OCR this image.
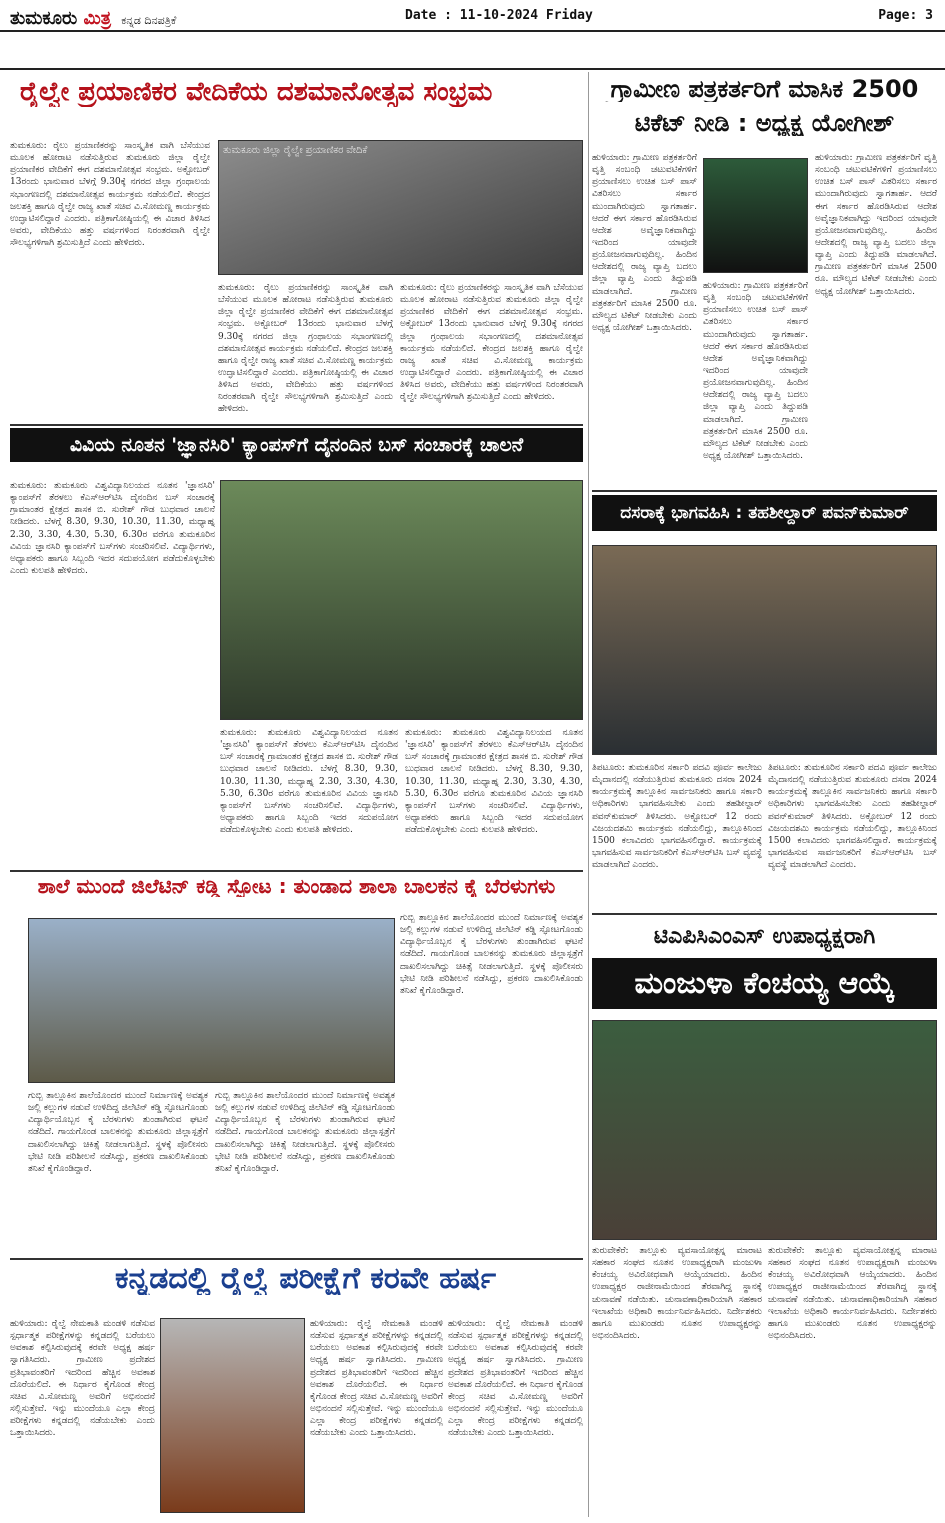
ತುಮಕೂರು ಮಿತ್ರ ಕನ್ನಡ ದಿನಪತ್ರಿಕೆ	Date : 11-10-2024 Friday	Page: 3
ರೈಲ್ವೇ ಪ್ರಯಾಣಿಕರ ವೇದಿಕೆಯ ದಶಮಾನೋತ್ಸವ ಸಂಭ್ರಮ
ತುಮಕೂರು: ರೈಲು ಪ್ರಯಾಣಿಕರನ್ನು ಸಾಂಸ್ಕೃತಿಕ ವಾಗಿ ಬೆಸೆಯುವ ಮೂಲಕ ಹೋರಾಟ ನಡೆಸುತ್ತಿರುವ ತುಮಕೂರು ಜಿಲ್ಲಾ ರೈಲ್ವೇ ಪ್ರಯಾಣಿಕರ ವೇದಿಕೆಗೆ ಈಗ ದಶಮಾನೋತ್ಸವ ಸಂಭ್ರಮ. ಅಕ್ಟೋಬರ್ 13ರಂದು ಭಾನುವಾರ ಬೆಳಗ್ಗೆ 9.30ಕ್ಕೆ ನಗರದ ಜಿಲ್ಲಾ ಗ್ರಂಥಾಲಯ ಸಭಾಂಗಣದಲ್ಲಿ ದಶಮಾನೋತ್ಸವ ಕಾರ್ಯಕ್ರಮ ನಡೆಯಲಿದೆ. ಕೇಂದ್ರದ ಜಲಶಕ್ತಿ ಹಾಗೂ ರೈಲ್ವೇ ರಾಜ್ಯ ಖಾತೆ ಸಚಿವ ವಿ.ಸೋಮಣ್ಣ ಕಾರ್ಯಕ್ರಮ ಉದ್ಘಾಟಿಸಲಿದ್ದಾರೆ ಎಂದರು. ಪತ್ರಿಕಾಗೋಷ್ಠಿಯಲ್ಲಿ ಈ ವಿಚಾರ ತಿಳಿಸಿದ ಅವರು, ವೇದಿಕೆಯು ಹತ್ತು ವರ್ಷಗಳಿಂದ ನಿರಂತರವಾಗಿ ರೈಲ್ವೇ ಸೌಲಭ್ಯಗಳಿಗಾಗಿ ಶ್ರಮಿಸುತ್ತಿದೆ ಎಂದು ಹೇಳಿದರು.
ತುಮಕೂರು ಜಿಲ್ಲಾ ರೈಲ್ವೇ ಪ್ರಯಾಣಿಕರ ವೇದಿಕೆ
ತುಮಕೂರು: ರೈಲು ಪ್ರಯಾಣಿಕರನ್ನು ಸಾಂಸ್ಕೃತಿಕ ವಾಗಿ ಬೆಸೆಯುವ ಮೂಲಕ ಹೋರಾಟ ನಡೆಸುತ್ತಿರುವ ತುಮಕೂರು ಜಿಲ್ಲಾ ರೈಲ್ವೇ ಪ್ರಯಾಣಿಕರ ವೇದಿಕೆಗೆ ಈಗ ದಶಮಾನೋತ್ಸವ ಸಂಭ್ರಮ. ಅಕ್ಟೋಬರ್ 13ರಂದು ಭಾನುವಾರ ಬೆಳಗ್ಗೆ 9.30ಕ್ಕೆ ನಗರದ ಜಿಲ್ಲಾ ಗ್ರಂಥಾಲಯ ಸಭಾಂಗಣದಲ್ಲಿ ದಶಮಾನೋತ್ಸವ ಕಾರ್ಯಕ್ರಮ ನಡೆಯಲಿದೆ. ಕೇಂದ್ರದ ಜಲಶಕ್ತಿ ಹಾಗೂ ರೈಲ್ವೇ ರಾಜ್ಯ ಖಾತೆ ಸಚಿವ ವಿ.ಸೋಮಣ್ಣ ಕಾರ್ಯಕ್ರಮ ಉದ್ಘಾಟಿಸಲಿದ್ದಾರೆ ಎಂದರು. ಪತ್ರಿಕಾಗೋಷ್ಠಿಯಲ್ಲಿ ಈ ವಿಚಾರ ತಿಳಿಸಿದ ಅವರು, ವೇದಿಕೆಯು ಹತ್ತು ವರ್ಷಗಳಿಂದ ನಿರಂತರವಾಗಿ ರೈಲ್ವೇ ಸೌಲಭ್ಯಗಳಿಗಾಗಿ ಶ್ರಮಿಸುತ್ತಿದೆ ಎಂದು ಹೇಳಿದರು.
ತುಮಕೂರು: ರೈಲು ಪ್ರಯಾಣಿಕರನ್ನು ಸಾಂಸ್ಕೃತಿಕ ವಾಗಿ ಬೆಸೆಯುವ ಮೂಲಕ ಹೋರಾಟ ನಡೆಸುತ್ತಿರುವ ತುಮಕೂರು ಜಿಲ್ಲಾ ರೈಲ್ವೇ ಪ್ರಯಾಣಿಕರ ವೇದಿಕೆಗೆ ಈಗ ದಶಮಾನೋತ್ಸವ ಸಂಭ್ರಮ. ಅಕ್ಟೋಬರ್ 13ರಂದು ಭಾನುವಾರ ಬೆಳಗ್ಗೆ 9.30ಕ್ಕೆ ನಗರದ ಜಿಲ್ಲಾ ಗ್ರಂಥಾಲಯ ಸಭಾಂಗಣದಲ್ಲಿ ದಶಮಾನೋತ್ಸವ ಕಾರ್ಯಕ್ರಮ ನಡೆಯಲಿದೆ. ಕೇಂದ್ರದ ಜಲಶಕ್ತಿ ಹಾಗೂ ರೈಲ್ವೇ ರಾಜ್ಯ ಖಾತೆ ಸಚಿವ ವಿ.ಸೋಮಣ್ಣ ಕಾರ್ಯಕ್ರಮ ಉದ್ಘಾಟಿಸಲಿದ್ದಾರೆ ಎಂದರು. ಪತ್ರಿಕಾಗೋಷ್ಠಿಯಲ್ಲಿ ಈ ವಿಚಾರ ತಿಳಿಸಿದ ಅವರು, ವೇದಿಕೆಯು ಹತ್ತು ವರ್ಷಗಳಿಂದ ನಿರಂತರವಾಗಿ ರೈಲ್ವೇ ಸೌಲಭ್ಯಗಳಿಗಾಗಿ ಶ್ರಮಿಸುತ್ತಿದೆ ಎಂದು ಹೇಳಿದರು.
ಗ್ರಾಮೀಣ ಪತ್ರಕರ್ತರಿಗೆ ಮಾಸಿಕ 2500
ಟಿಕೆಟ್ ನೀಡಿ : ಅಧ್ಯಕ್ಷ ಯೋಗೀಶ್
ಹುಳಿಯಾರು: ಗ್ರಾಮೀಣ ಪತ್ರಕರ್ತರಿಗೆ ವೃತ್ತಿ ಸಂಬಂಧಿ ಚಟುವಟಿಕೆಗಳಿಗೆ ಪ್ರಯಾಣಿಸಲು ಉಚಿತ ಬಸ್ ಪಾಸ್ ವಿತರಿಸಲು ಸರ್ಕಾರ ಮುಂದಾಗಿರುವುದು ಸ್ವಾಗತಾರ್ಹ. ಆದರೆ ಈಗ ಸರ್ಕಾರ ಹೊರಡಿಸಿರುವ ಆದೇಶ ಅವೈಜ್ಞಾನಿಕವಾಗಿದ್ದು ಇದರಿಂದ ಯಾವುದೇ ಪ್ರಯೋಜನವಾಗುವುದಿಲ್ಲ. ಹಿಂದಿನ ಆದೇಶದಲ್ಲಿ ರಾಜ್ಯ ವ್ಯಾಪ್ತಿ ಬದಲು ಜಿಲ್ಲಾ ವ್ಯಾಪ್ತಿ ಎಂದು ತಿದ್ದುಪಡಿ ಮಾಡಲಾಗಿದೆ. ಗ್ರಾಮೀಣ ಪತ್ರಕರ್ತರಿಗೆ ಮಾಸಿಕ 2500 ರೂ. ಮೌಲ್ಯದ ಟಿಕೆಟ್ ನೀಡಬೇಕು ಎಂದು ಅಧ್ಯಕ್ಷ ಯೋಗೀಶ್ ಒತ್ತಾಯಿಸಿದರು.
ಹುಳಿಯಾರು: ಗ್ರಾಮೀಣ ಪತ್ರಕರ್ತರಿಗೆ ವೃತ್ತಿ ಸಂಬಂಧಿ ಚಟುವಟಿಕೆಗಳಿಗೆ ಪ್ರಯಾಣಿಸಲು ಉಚಿತ ಬಸ್ ಪಾಸ್ ವಿತರಿಸಲು ಸರ್ಕಾರ ಮುಂದಾಗಿರುವುದು ಸ್ವಾಗತಾರ್ಹ. ಆದರೆ ಈಗ ಸರ್ಕಾರ ಹೊರಡಿಸಿರುವ ಆದೇಶ ಅವೈಜ್ಞಾನಿಕವಾಗಿದ್ದು ಇದರಿಂದ ಯಾವುದೇ ಪ್ರಯೋಜನವಾಗುವುದಿಲ್ಲ. ಹಿಂದಿನ ಆದೇಶದಲ್ಲಿ ರಾಜ್ಯ ವ್ಯಾಪ್ತಿ ಬದಲು ಜಿಲ್ಲಾ ವ್ಯಾಪ್ತಿ ಎಂದು ತಿದ್ದುಪಡಿ ಮಾಡಲಾಗಿದೆ. ಗ್ರಾಮೀಣ ಪತ್ರಕರ್ತರಿಗೆ ಮಾಸಿಕ 2500 ರೂ. ಮೌಲ್ಯದ ಟಿಕೆಟ್ ನೀಡಬೇಕು ಎಂದು ಅಧ್ಯಕ್ಷ ಯೋಗೀಶ್ ಒತ್ತಾಯಿಸಿದರು.
ಹುಳಿಯಾರು: ಗ್ರಾಮೀಣ ಪತ್ರಕರ್ತರಿಗೆ ವೃತ್ತಿ ಸಂಬಂಧಿ ಚಟುವಟಿಕೆಗಳಿಗೆ ಪ್ರಯಾಣಿಸಲು ಉಚಿತ ಬಸ್ ಪಾಸ್ ವಿತರಿಸಲು ಸರ್ಕಾರ ಮುಂದಾಗಿರುವುದು ಸ್ವಾಗತಾರ್ಹ. ಆದರೆ ಈಗ ಸರ್ಕಾರ ಹೊರಡಿಸಿರುವ ಆದೇಶ ಅವೈಜ್ಞಾನಿಕವಾಗಿದ್ದು ಇದರಿಂದ ಯಾವುದೇ ಪ್ರಯೋಜನವಾಗುವುದಿಲ್ಲ. ಹಿಂದಿನ ಆದೇಶದಲ್ಲಿ ರಾಜ್ಯ ವ್ಯಾಪ್ತಿ ಬದಲು ಜಿಲ್ಲಾ ವ್ಯಾಪ್ತಿ ಎಂದು ತಿದ್ದುಪಡಿ ಮಾಡಲಾಗಿದೆ. ಗ್ರಾಮೀಣ ಪತ್ರಕರ್ತರಿಗೆ ಮಾಸಿಕ 2500 ರೂ. ಮೌಲ್ಯದ ಟಿಕೆಟ್ ನೀಡಬೇಕು ಎಂದು ಅಧ್ಯಕ್ಷ ಯೋಗೀಶ್ ಒತ್ತಾಯಿಸಿದರು.
ದಸರಾಕ್ಕೆ ಭಾಗವಹಿಸಿ : ತಹಶೀಲ್ದಾರ್ ಪವನ್‌ಕುಮಾರ್
ತಿಪಟೂರು: ತುಮಕೂರಿನ ಸರ್ಕಾರಿ ಪದವಿ ಪೂರ್ವ ಕಾಲೇಜು ಮೈದಾನದಲ್ಲಿ ನಡೆಯುತ್ತಿರುವ ತುಮಕೂರು ದಸರಾ 2024 ಕಾರ್ಯಕ್ರಮಕ್ಕೆ ತಾಲ್ಲೂಕಿನ ಸಾರ್ವಜನಿಕರು ಹಾಗೂ ಸರ್ಕಾರಿ ಅಧಿಕಾರಿಗಳು ಭಾಗವಹಿಸಬೇಕು ಎಂದು ತಹಶೀಲ್ದಾರ್ ಪವನ್‌ಕುಮಾರ್ ತಿಳಿಸಿದರು. ಅಕ್ಟೋಬರ್ 12 ರಂದು ವಿಜಯದಶಮಿ ಕಾರ್ಯಕ್ರಮ ನಡೆಯಲಿದ್ದು, ತಾಲ್ಲೂಕಿನಿಂದ 1500 ಕಲಾವಿದರು ಭಾಗವಹಿಸಲಿದ್ದಾರೆ. ಕಾರ್ಯಕ್ರಮಕ್ಕೆ ಭಾಗವಹಿಸುವ ಸಾರ್ವಜನಿಕರಿಗೆ ಕೆಎಸ್‌ಆರ್‌ಟಿಸಿ ಬಸ್ ವ್ಯವಸ್ಥೆ ಮಾಡಲಾಗಿದೆ ಎಂದರು.
ತಿಪಟೂರು: ತುಮಕೂರಿನ ಸರ್ಕಾರಿ ಪದವಿ ಪೂರ್ವ ಕಾಲೇಜು ಮೈದಾನದಲ್ಲಿ ನಡೆಯುತ್ತಿರುವ ತುಮಕೂರು ದಸರಾ 2024 ಕಾರ್ಯಕ್ರಮಕ್ಕೆ ತಾಲ್ಲೂಕಿನ ಸಾರ್ವಜನಿಕರು ಹಾಗೂ ಸರ್ಕಾರಿ ಅಧಿಕಾರಿಗಳು ಭಾಗವಹಿಸಬೇಕು ಎಂದು ತಹಶೀಲ್ದಾರ್ ಪವನ್‌ಕುಮಾರ್ ತಿಳಿಸಿದರು. ಅಕ್ಟೋಬರ್ 12 ರಂದು ವಿಜಯದಶಮಿ ಕಾರ್ಯಕ್ರಮ ನಡೆಯಲಿದ್ದು, ತಾಲ್ಲೂಕಿನಿಂದ 1500 ಕಲಾವಿದರು ಭಾಗವಹಿಸಲಿದ್ದಾರೆ. ಕಾರ್ಯಕ್ರಮಕ್ಕೆ ಭಾಗವಹಿಸುವ ಸಾರ್ವಜನಿಕರಿಗೆ ಕೆಎಸ್‌ಆರ್‌ಟಿಸಿ ಬಸ್ ವ್ಯವಸ್ಥೆ ಮಾಡಲಾಗಿದೆ ಎಂದರು.
ವಿವಿಯ ನೂತನ 'ಜ್ಞಾನಸಿರಿ' ಕ್ಯಾಂಪಸ್‌ಗೆ ದೈನಂದಿನ ಬಸ್ ಸಂಚಾರಕ್ಕೆ ಚಾಲನೆ
ತುಮಕೂರು: ತುಮಕೂರು ವಿಶ್ವವಿದ್ಯಾನಿಲಯದ ನೂತನ 'ಜ್ಞಾನಸಿರಿ' ಕ್ಯಾಂಪಸ್‌ಗೆ ತೆರಳಲು ಕೆಎಸ್‌ಆರ್‌ಟಿಸಿ ದೈನಂದಿನ ಬಸ್ ಸಂಚಾರಕ್ಕೆ ಗ್ರಾಮಾಂತರ ಕ್ಷೇತ್ರದ ಶಾಸಕ ಬಿ. ಸುರೇಶ್ ಗೌಡ ಬುಧವಾರ ಚಾಲನೆ ನೀಡಿದರು. ಬೆಳಗ್ಗೆ 8.30, 9.30, 10.30, 11.30, ಮಧ್ಯಾಹ್ನ 2.30, 3.30, 4.30, 5.30, 6.30ರ ವರೆಗೂ ತುಮಕೂರಿನ ವಿವಿಯ ಜ್ಞಾನಸಿರಿ ಕ್ಯಾಂಪಸ್‌ಗೆ ಬಸ್‌ಗಳು ಸಂಚರಿಸಲಿವೆ. ವಿದ್ಯಾರ್ಥಿಗಳು, ಅಧ್ಯಾಪಕರು ಹಾಗೂ ಸಿಬ್ಬಂದಿ ಇದರ ಸದುಪಯೋಗ ಪಡೆದುಕೊಳ್ಳಬೇಕು ಎಂದು ಕುಲಪತಿ ಹೇಳಿದರು.
ತುಮಕೂರು: ತುಮಕೂರು ವಿಶ್ವವಿದ್ಯಾನಿಲಯದ ನೂತನ 'ಜ್ಞಾನಸಿರಿ' ಕ್ಯಾಂಪಸ್‌ಗೆ ತೆರಳಲು ಕೆಎಸ್‌ಆರ್‌ಟಿಸಿ ದೈನಂದಿನ ಬಸ್ ಸಂಚಾರಕ್ಕೆ ಗ್ರಾಮಾಂತರ ಕ್ಷೇತ್ರದ ಶಾಸಕ ಬಿ. ಸುರೇಶ್ ಗೌಡ ಬುಧವಾರ ಚಾಲನೆ ನೀಡಿದರು. ಬೆಳಗ್ಗೆ 8.30, 9.30, 10.30, 11.30, ಮಧ್ಯಾಹ್ನ 2.30, 3.30, 4.30, 5.30, 6.30ರ ವರೆಗೂ ತುಮಕೂರಿನ ವಿವಿಯ ಜ್ಞಾನಸಿರಿ ಕ್ಯಾಂಪಸ್‌ಗೆ ಬಸ್‌ಗಳು ಸಂಚರಿಸಲಿವೆ. ವಿದ್ಯಾರ್ಥಿಗಳು, ಅಧ್ಯಾಪಕರು ಹಾಗೂ ಸಿಬ್ಬಂದಿ ಇದರ ಸದುಪಯೋಗ ಪಡೆದುಕೊಳ್ಳಬೇಕು ಎಂದು ಕುಲಪತಿ ಹೇಳಿದರು.
ತುಮಕೂರು: ತುಮಕೂರು ವಿಶ್ವವಿದ್ಯಾನಿಲಯದ ನೂತನ 'ಜ್ಞಾನಸಿರಿ' ಕ್ಯಾಂಪಸ್‌ಗೆ ತೆರಳಲು ಕೆಎಸ್‌ಆರ್‌ಟಿಸಿ ದೈನಂದಿನ ಬಸ್ ಸಂಚಾರಕ್ಕೆ ಗ್ರಾಮಾಂತರ ಕ್ಷೇತ್ರದ ಶಾಸಕ ಬಿ. ಸುರೇಶ್ ಗೌಡ ಬುಧವಾರ ಚಾಲನೆ ನೀಡಿದರು. ಬೆಳಗ್ಗೆ 8.30, 9.30, 10.30, 11.30, ಮಧ್ಯಾಹ್ನ 2.30, 3.30, 4.30, 5.30, 6.30ರ ವರೆಗೂ ತುಮಕೂರಿನ ವಿವಿಯ ಜ್ಞಾನಸಿರಿ ಕ್ಯಾಂಪಸ್‌ಗೆ ಬಸ್‌ಗಳು ಸಂಚರಿಸಲಿವೆ. ವಿದ್ಯಾರ್ಥಿಗಳು, ಅಧ್ಯಾಪಕರು ಹಾಗೂ ಸಿಬ್ಬಂದಿ ಇದರ ಸದುಪಯೋಗ ಪಡೆದುಕೊಳ್ಳಬೇಕು ಎಂದು ಕುಲಪತಿ ಹೇಳಿದರು.
ಶಾಲೆ ಮುಂದೆ ಜಿಲೆಟಿನ್ ಕಡ್ಡಿ ಸ್ಫೋಟ : ತುಂಡಾದ ಶಾಲಾ ಬಾಲಕನ ಕೈ ಬೆರಳುಗಳು
ಗುಬ್ಬಿ ತಾಲ್ಲೂಕಿನ ಶಾಲೆಯೊಂದರ ಮುಂದೆ ನಿರ್ಮಾಣಕ್ಕೆ ಅವಶ್ಯಕ ಜಲ್ಲಿ ಕಲ್ಲುಗಳ ನಡುವೆ ಉಳಿದಿದ್ದ ಜಿಲೆಟಿನ್ ಕಡ್ಡಿ ಸ್ಫೋಟಗೊಂಡು ವಿದ್ಯಾರ್ಥಿಯೊಬ್ಬನ ಕೈ ಬೆರಳುಗಳು ತುಂಡಾಗಿರುವ ಘಟನೆ ನಡೆದಿದೆ. ಗಾಯಗೊಂಡ ಬಾಲಕನನ್ನು ತುಮಕೂರು ಜಿಲ್ಲಾಸ್ಪತ್ರೆಗೆ ದಾಖಲಿಸಲಾಗಿದ್ದು ಚಿಕಿತ್ಸೆ ನೀಡಲಾಗುತ್ತಿದೆ. ಸ್ಥಳಕ್ಕೆ ಪೊಲೀಸರು ಭೇಟಿ ನೀಡಿ ಪರಿಶೀಲನೆ ನಡೆಸಿದ್ದು, ಪ್ರಕರಣ ದಾಖಲಿಸಿಕೊಂಡು ತನಿಖೆ ಕೈಗೊಂಡಿದ್ದಾರೆ.
ಗುಬ್ಬಿ ತಾಲ್ಲೂಕಿನ ಶಾಲೆಯೊಂದರ ಮುಂದೆ ನಿರ್ಮಾಣಕ್ಕೆ ಅವಶ್ಯಕ ಜಲ್ಲಿ ಕಲ್ಲುಗಳ ನಡುವೆ ಉಳಿದಿದ್ದ ಜಿಲೆಟಿನ್ ಕಡ್ಡಿ ಸ್ಫೋಟಗೊಂಡು ವಿದ್ಯಾರ್ಥಿಯೊಬ್ಬನ ಕೈ ಬೆರಳುಗಳು ತುಂಡಾಗಿರುವ ಘಟನೆ ನಡೆದಿದೆ. ಗಾಯಗೊಂಡ ಬಾಲಕನನ್ನು ತುಮಕೂರು ಜಿಲ್ಲಾಸ್ಪತ್ರೆಗೆ ದಾಖಲಿಸಲಾಗಿದ್ದು ಚಿಕಿತ್ಸೆ ನೀಡಲಾಗುತ್ತಿದೆ. ಸ್ಥಳಕ್ಕೆ ಪೊಲೀಸರು ಭೇಟಿ ನೀಡಿ ಪರಿಶೀಲನೆ ನಡೆಸಿದ್ದು, ಪ್ರಕರಣ ದಾಖಲಿಸಿಕೊಂಡು ತನಿಖೆ ಕೈಗೊಂಡಿದ್ದಾರೆ.
ಗುಬ್ಬಿ ತಾಲ್ಲೂಕಿನ ಶಾಲೆಯೊಂದರ ಮುಂದೆ ನಿರ್ಮಾಣಕ್ಕೆ ಅವಶ್ಯಕ ಜಲ್ಲಿ ಕಲ್ಲುಗಳ ನಡುವೆ ಉಳಿದಿದ್ದ ಜಿಲೆಟಿನ್ ಕಡ್ಡಿ ಸ್ಫೋಟಗೊಂಡು ವಿದ್ಯಾರ್ಥಿಯೊಬ್ಬನ ಕೈ ಬೆರಳುಗಳು ತುಂಡಾಗಿರುವ ಘಟನೆ ನಡೆದಿದೆ. ಗಾಯಗೊಂಡ ಬಾಲಕನನ್ನು ತುಮಕೂರು ಜಿಲ್ಲಾಸ್ಪತ್ರೆಗೆ ದಾಖಲಿಸಲಾಗಿದ್ದು ಚಿಕಿತ್ಸೆ ನೀಡಲಾಗುತ್ತಿದೆ. ಸ್ಥಳಕ್ಕೆ ಪೊಲೀಸರು ಭೇಟಿ ನೀಡಿ ಪರಿಶೀಲನೆ ನಡೆಸಿದ್ದು, ಪ್ರಕರಣ ದಾಖಲಿಸಿಕೊಂಡು ತನಿಖೆ ಕೈಗೊಂಡಿದ್ದಾರೆ.
ಟಿಎಪಿಸಿಎಂಎಸ್ ಉಪಾಧ್ಯಕ್ಷರಾಗಿ
ಮಂಜುಳಾ ಕೆಂಚಯ್ಯ ಆಯ್ಕೆ
ತುರುವೇಕೆರೆ: ತಾಲ್ಲೂಕು ವ್ಯವಸಾಯೋತ್ಪನ್ನ ಮಾರಾಟ ಸಹಕಾರ ಸಂಘದ ನೂತನ ಉಪಾಧ್ಯಕ್ಷರಾಗಿ ಮಂಜುಳಾ ಕೆಂಚಯ್ಯ ಅವಿರೋಧವಾಗಿ ಆಯ್ಕೆಯಾದರು. ಹಿಂದಿನ ಉಪಾಧ್ಯಕ್ಷರ ರಾಜೀನಾಮೆಯಿಂದ ತೆರವಾಗಿದ್ದ ಸ್ಥಾನಕ್ಕೆ ಚುನಾವಣೆ ನಡೆಯಿತು. ಚುನಾವಣಾಧಿಕಾರಿಯಾಗಿ ಸಹಕಾರ ಇಲಾಖೆಯ ಅಧಿಕಾರಿ ಕಾರ್ಯನಿರ್ವಹಿಸಿದರು. ನಿರ್ದೇಶಕರು ಹಾಗೂ ಮುಖಂಡರು ನೂತನ ಉಪಾಧ್ಯಕ್ಷರನ್ನು ಅಭಿನಂದಿಸಿದರು.
ತುರುವೇಕೆರೆ: ತಾಲ್ಲೂಕು ವ್ಯವಸಾಯೋತ್ಪನ್ನ ಮಾರಾಟ ಸಹಕಾರ ಸಂಘದ ನೂತನ ಉಪಾಧ್ಯಕ್ಷರಾಗಿ ಮಂಜುಳಾ ಕೆಂಚಯ್ಯ ಅವಿರೋಧವಾಗಿ ಆಯ್ಕೆಯಾದರು. ಹಿಂದಿನ ಉಪಾಧ್ಯಕ್ಷರ ರಾಜೀನಾಮೆಯಿಂದ ತೆರವಾಗಿದ್ದ ಸ್ಥಾನಕ್ಕೆ ಚುನಾವಣೆ ನಡೆಯಿತು. ಚುನಾವಣಾಧಿಕಾರಿಯಾಗಿ ಸಹಕಾರ ಇಲಾಖೆಯ ಅಧಿಕಾರಿ ಕಾರ್ಯನಿರ್ವಹಿಸಿದರು. ನಿರ್ದೇಶಕರು ಹಾಗೂ ಮುಖಂಡರು ನೂತನ ಉಪಾಧ್ಯಕ್ಷರನ್ನು ಅಭಿನಂದಿಸಿದರು.
ಕನ್ನಡದಲ್ಲಿ ರೈಲ್ವೆ ಪರೀಕ್ಷೆಗೆ ಕರವೇ ಹರ್ಷ
ಹುಳಿಯಾರು: ರೈಲ್ವೆ ನೇಮಕಾತಿ ಮಂಡಳಿ ನಡೆಸುವ ಸ್ಪರ್ಧಾತ್ಮಕ ಪರೀಕ್ಷೆಗಳನ್ನು ಕನ್ನಡದಲ್ಲಿ ಬರೆಯಲು ಅವಕಾಶ ಕಲ್ಪಿಸಿರುವುದಕ್ಕೆ ಕರವೇ ಅಧ್ಯಕ್ಷ ಹರ್ಷ ಸ್ವಾಗತಿಸಿದರು. ಗ್ರಾಮೀಣ ಪ್ರದೇಶದ ಪ್ರತಿಭಾವಂತರಿಗೆ ಇದರಿಂದ ಹೆಚ್ಚಿನ ಅವಕಾಶ ದೊರೆಯಲಿದೆ. ಈ ನಿರ್ಧಾರ ಕೈಗೊಂಡ ಕೇಂದ್ರ ಸಚಿವ ವಿ.ಸೋಮಣ್ಣ ಅವರಿಗೆ ಅಭಿನಂದನೆ ಸಲ್ಲಿಸುತ್ತೇವೆ. ಇನ್ನು ಮುಂದೆಯೂ ಎಲ್ಲಾ ಕೇಂದ್ರ ಪರೀಕ್ಷೆಗಳು ಕನ್ನಡದಲ್ಲಿ ನಡೆಯಬೇಕು ಎಂದು ಒತ್ತಾಯಿಸಿದರು.
ಹುಳಿಯಾರು: ರೈಲ್ವೆ ನೇಮಕಾತಿ ಮಂಡಳಿ ನಡೆಸುವ ಸ್ಪರ್ಧಾತ್ಮಕ ಪರೀಕ್ಷೆಗಳನ್ನು ಕನ್ನಡದಲ್ಲಿ ಬರೆಯಲು ಅವಕಾಶ ಕಲ್ಪಿಸಿರುವುದಕ್ಕೆ ಕರವೇ ಅಧ್ಯಕ್ಷ ಹರ್ಷ ಸ್ವಾಗತಿಸಿದರು. ಗ್ರಾಮೀಣ ಪ್ರದೇಶದ ಪ್ರತಿಭಾವಂತರಿಗೆ ಇದರಿಂದ ಹೆಚ್ಚಿನ ಅವಕಾಶ ದೊರೆಯಲಿದೆ. ಈ ನಿರ್ಧಾರ ಕೈಗೊಂಡ ಕೇಂದ್ರ ಸಚಿವ ವಿ.ಸೋಮಣ್ಣ ಅವರಿಗೆ ಅಭಿನಂದನೆ ಸಲ್ಲಿಸುತ್ತೇವೆ. ಇನ್ನು ಮುಂದೆಯೂ ಎಲ್ಲಾ ಕೇಂದ್ರ ಪರೀಕ್ಷೆಗಳು ಕನ್ನಡದಲ್ಲಿ ನಡೆಯಬೇಕು ಎಂದು ಒತ್ತಾಯಿಸಿದರು.
ಹುಳಿಯಾರು: ರೈಲ್ವೆ ನೇಮಕಾತಿ ಮಂಡಳಿ ನಡೆಸುವ ಸ್ಪರ್ಧಾತ್ಮಕ ಪರೀಕ್ಷೆಗಳನ್ನು ಕನ್ನಡದಲ್ಲಿ ಬರೆಯಲು ಅವಕಾಶ ಕಲ್ಪಿಸಿರುವುದಕ್ಕೆ ಕರವೇ ಅಧ್ಯಕ್ಷ ಹರ್ಷ ಸ್ವಾಗತಿಸಿದರು. ಗ್ರಾಮೀಣ ಪ್ರದೇಶದ ಪ್ರತಿಭಾವಂತರಿಗೆ ಇದರಿಂದ ಹೆಚ್ಚಿನ ಅವಕಾಶ ದೊರೆಯಲಿದೆ. ಈ ನಿರ್ಧಾರ ಕೈಗೊಂಡ ಕೇಂದ್ರ ಸಚಿವ ವಿ.ಸೋಮಣ್ಣ ಅವರಿಗೆ ಅಭಿನಂದನೆ ಸಲ್ಲಿಸುತ್ತೇವೆ. ಇನ್ನು ಮುಂದೆಯೂ ಎಲ್ಲಾ ಕೇಂದ್ರ ಪರೀಕ್ಷೆಗಳು ಕನ್ನಡದಲ್ಲಿ ನಡೆಯಬೇಕು ಎಂದು ಒತ್ತಾಯಿಸಿದರು.
